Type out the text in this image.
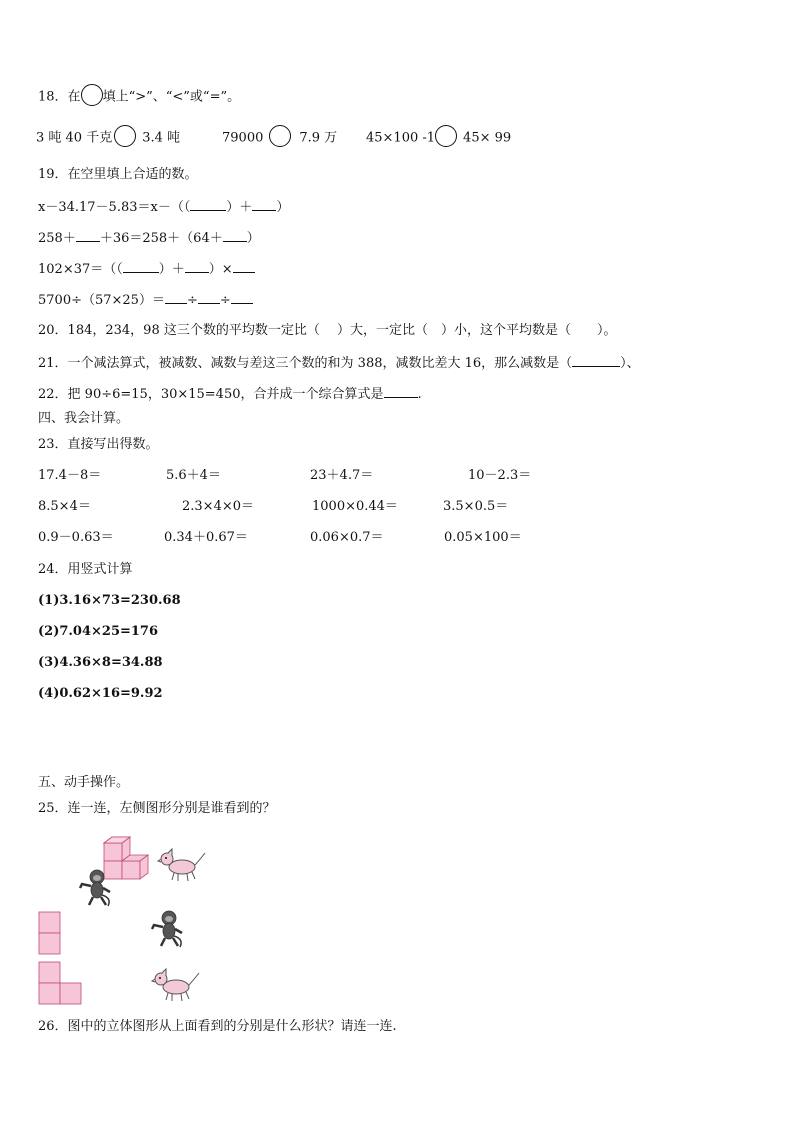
18．在 填上“>”、“<”或“=”。
3 吨 40 千克 3.4 吨	79000	7.9 万 45×100 -1 45× 99
19．在空里填上合适的数。
x－34.17－5.83＝x－（（	）＋ ）
258＋ ＋36＝258＋（64＋ ）
102×37＝（（	）＋ ）×
5700÷（57×25）＝ ÷ ÷
20．184，234，98 这三个数的平均数一定比（　 ）大，一定比（　）小，这个平均数是（　　）。
21．一个减法算式，被减数、减数与差这三个数的和为 388，减数比差大 16，那么减数是（	）、
22．把 90÷6=15，30×15=450，合并成一个综合算式是	.
四、我会计算。
23．直接写出得数。
17.4－8＝	5.6＋4＝	23＋4.7＝	10－2.3＝
8.5×4＝	2.3×4×0＝	1000×0.44＝	3.5×0.5＝
0.9－0.63＝	0.34＋0.67＝	0.06×0.7＝	0.05×100＝
24．用竖式计算
(1)3.16×73=230.68
(2)7.04×25=176
(3)4.36×8=34.88
(4)0.62×16=9.92
五、动手操作。
25．连一连，左侧图形分别是谁看到的？
26．图中的立体图形从上面看到的分别是什么形状？请连一连.
